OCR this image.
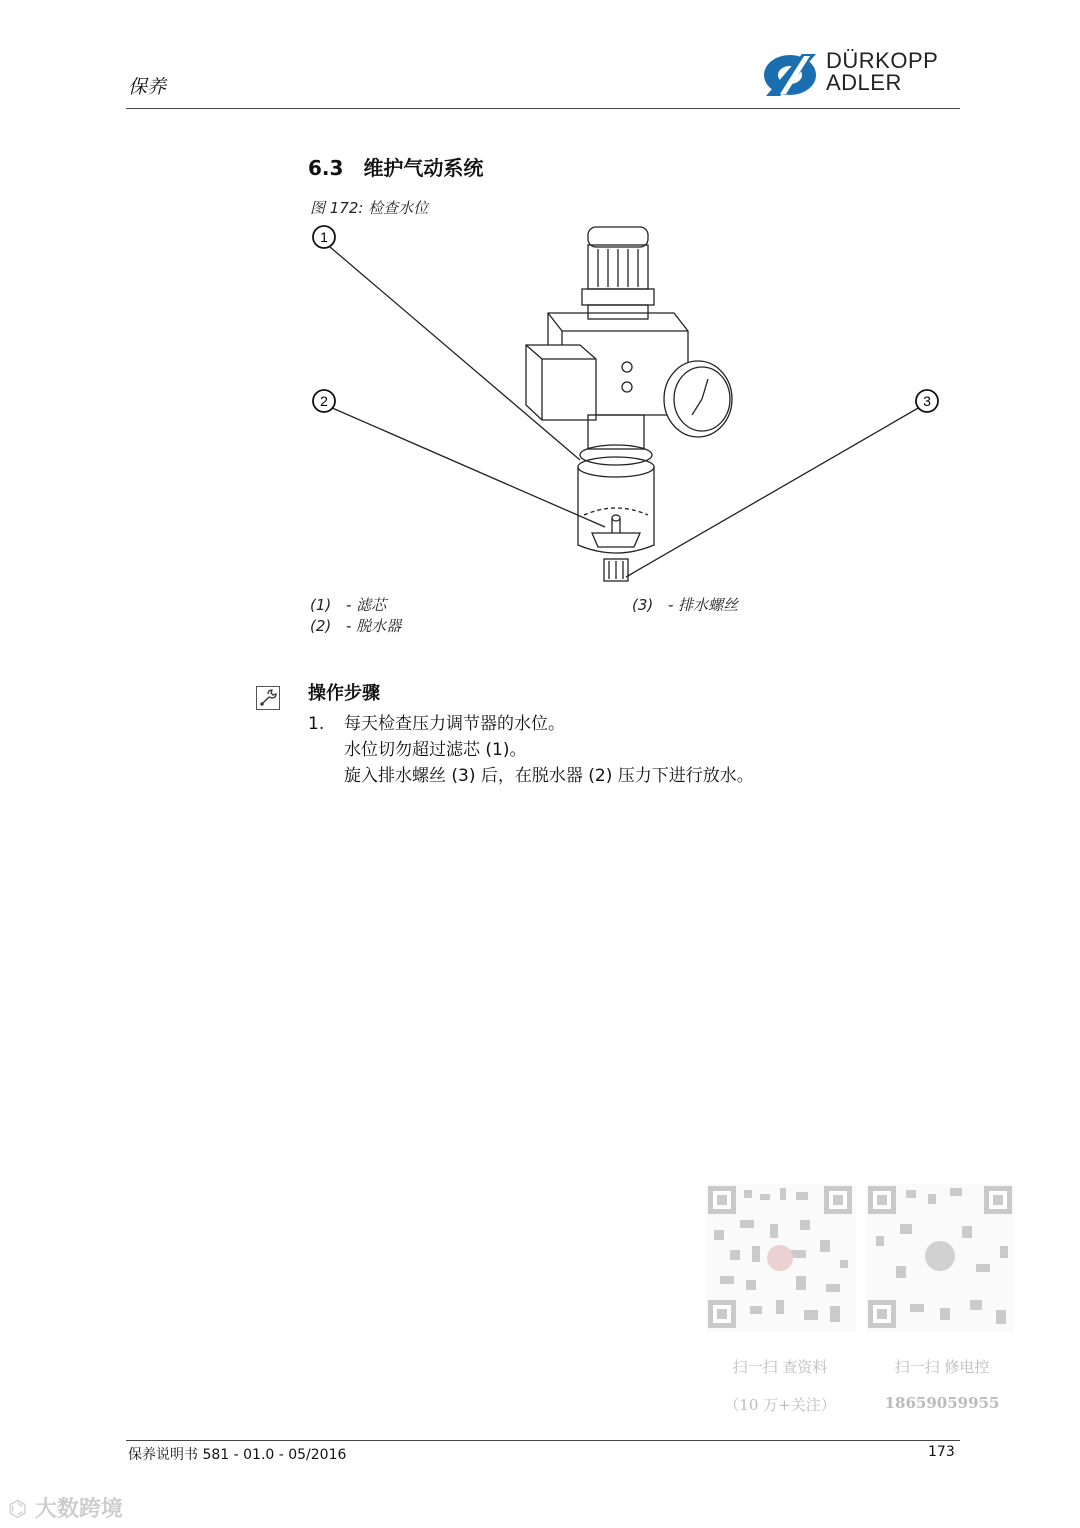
保养
DÜRKOPP
ADLER
6.3 维护气动系统
图 172: 检查水位
1
2	3
(1) - 滤芯
(2) - 脱水器
(3) - 排水螺丝
操作步骤
1. 每天检查压力调节器的水位。
水位切勿超过滤芯 (1)。
旋入排水螺丝 (3) 后，在脱水器 (2) 压力下进行放水。
扫一扫 查资料	扫一扫 修电控
（10 万+关注）	18659059955
保养说明书 581 - 01.0 - 05/2016	173
⌬ 大数跨境
